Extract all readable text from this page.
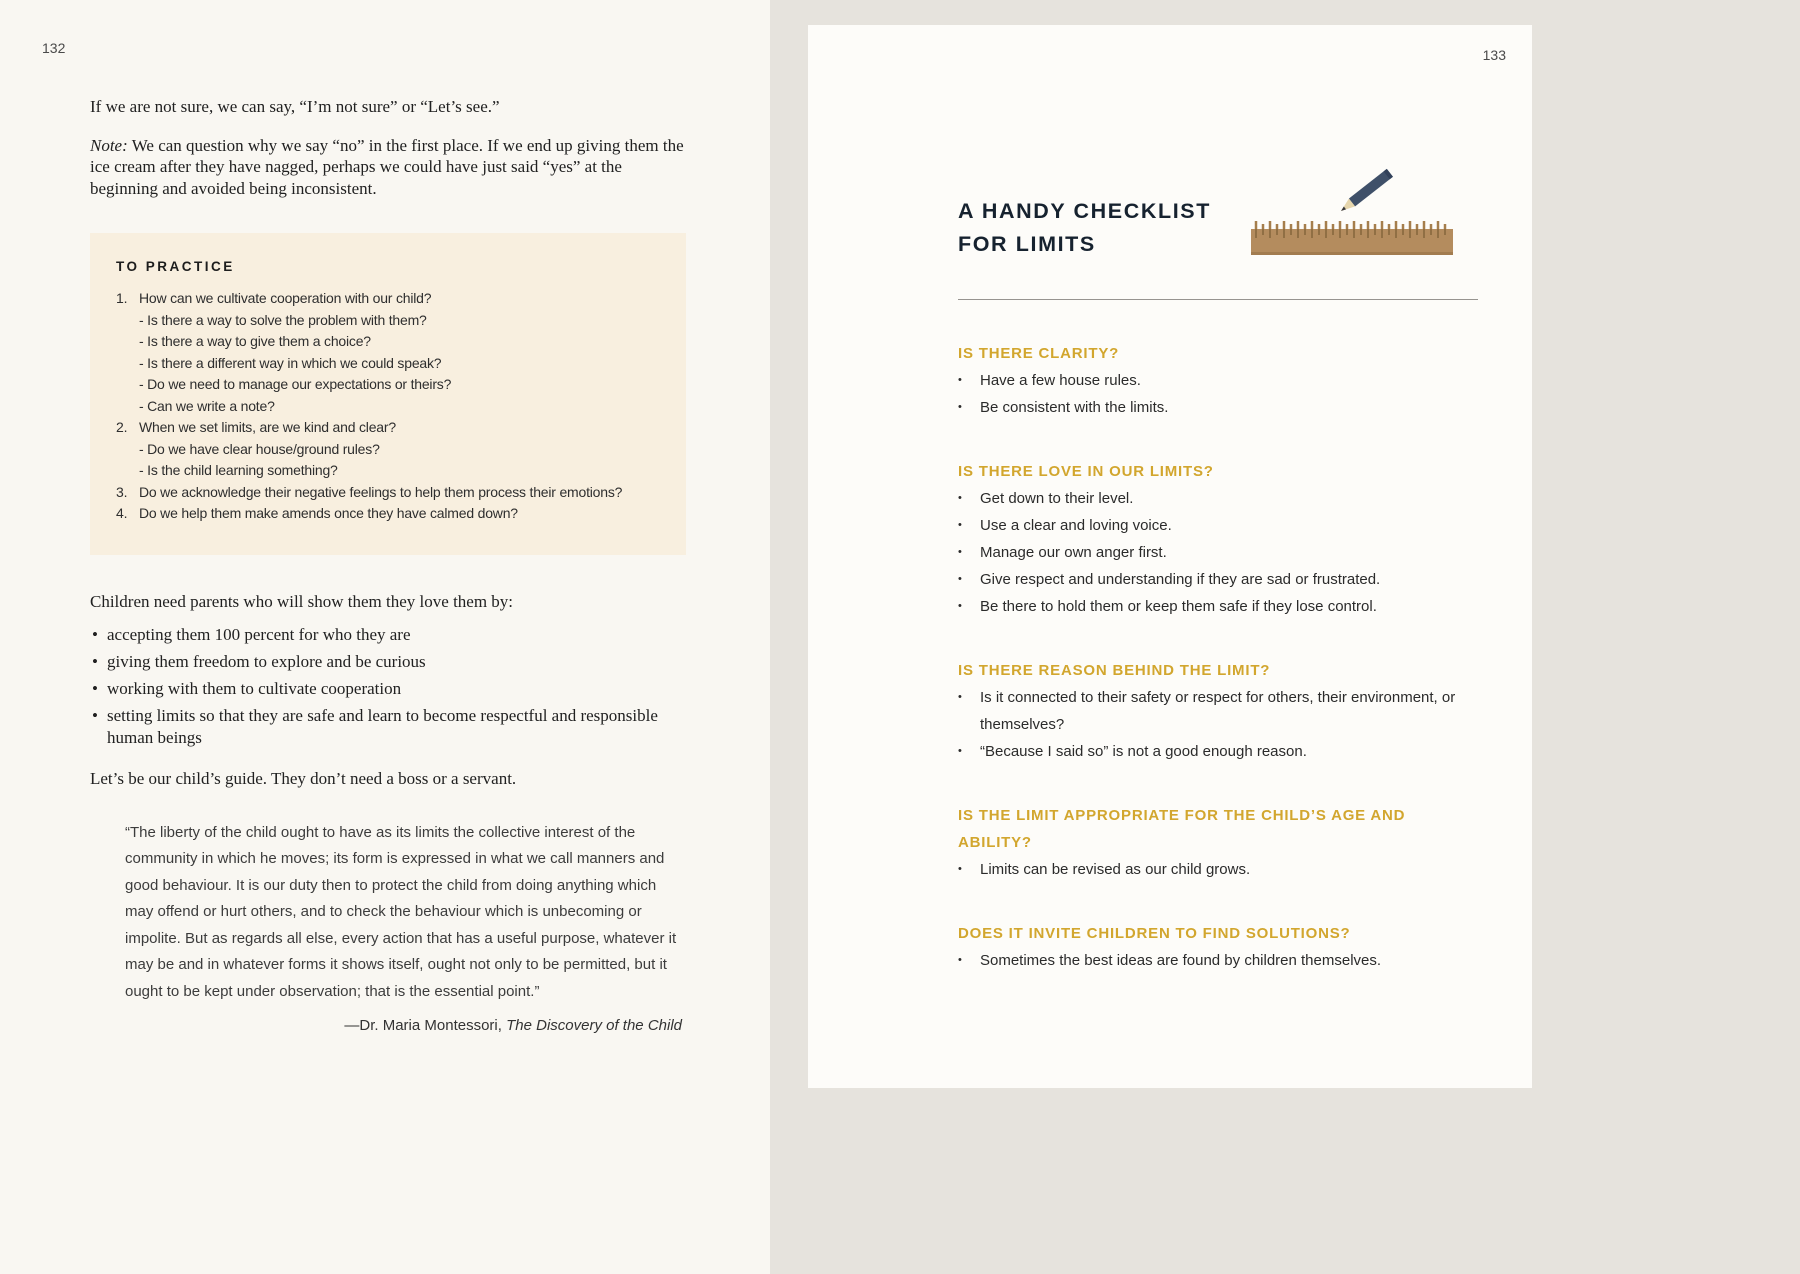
132

If we are not sure, we can say, “I’m not sure” or “Let’s see.”

Note: We can question why we say “no” in the first place. If we end up giving them the ice cream after they have nagged, perhaps we could have just said “yes” at the beginning and avoided being inconsistent.

TO PRACTICE
1. How can we cultivate cooperation with our child?
- Is there a way to solve the problem with them?
- Is there a way to give them a choice?
- Is there a different way in which we could speak?
- Do we need to manage our expectations or theirs?
- Can we write a note?
2. When we set limits, are we kind and clear?
- Do we have clear house/ground rules?
- Is the child learning something?
3. Do we acknowledge their negative feelings to help them process their emotions?
4. Do we help them make amends once they have calmed down?

Children need parents who will show them they love them by:

• accepting them 100 percent for who they are
• giving them freedom to explore and be curious
• working with them to cultivate cooperation
• setting limits so that they are safe and learn to become respectful and responsible human beings

Let’s be our child’s guide. They don’t need a boss or a servant.

“The liberty of the child ought to have as its limits the collective interest of the community in which he moves; its form is expressed in what we call manners and good behaviour. It is our duty then to protect the child from doing anything which may offend or hurt others, and to check the behaviour which is unbecoming or impolite. But as regards all else, every action that has a useful purpose, whatever it may be and in whatever forms it shows itself, ought not only to be permitted, but it ought to be kept under observation; that is the essential point.”

—Dr. Maria Montessori, The Discovery of the Child

133
A HANDY CHECKLIST
FOR LIMITS
IS THERE CLARITY?
•	Have a few house rules.
•	Be consistent with the limits.
IS THERE LOVE IN OUR LIMITS?
•	Get down to their level.
•	Use a clear and loving voice.
•	Manage our own anger first.
•	Give respect and understanding if they are sad or frustrated.
•	Be there to hold them or keep them safe if they lose control.
IS THERE REASON BEHIND THE LIMIT?
•	Is it connected to their safety or respect for others, their environment, or themselves?
•	“Because I said so” is not a good enough reason.
IS THE LIMIT APPROPRIATE FOR THE CHILD’S AGE AND ABILITY?
•	Limits can be revised as our child grows.
DOES IT INVITE CHILDREN TO FIND SOLUTIONS?
•	Sometimes the best ideas are found by children themselves.
